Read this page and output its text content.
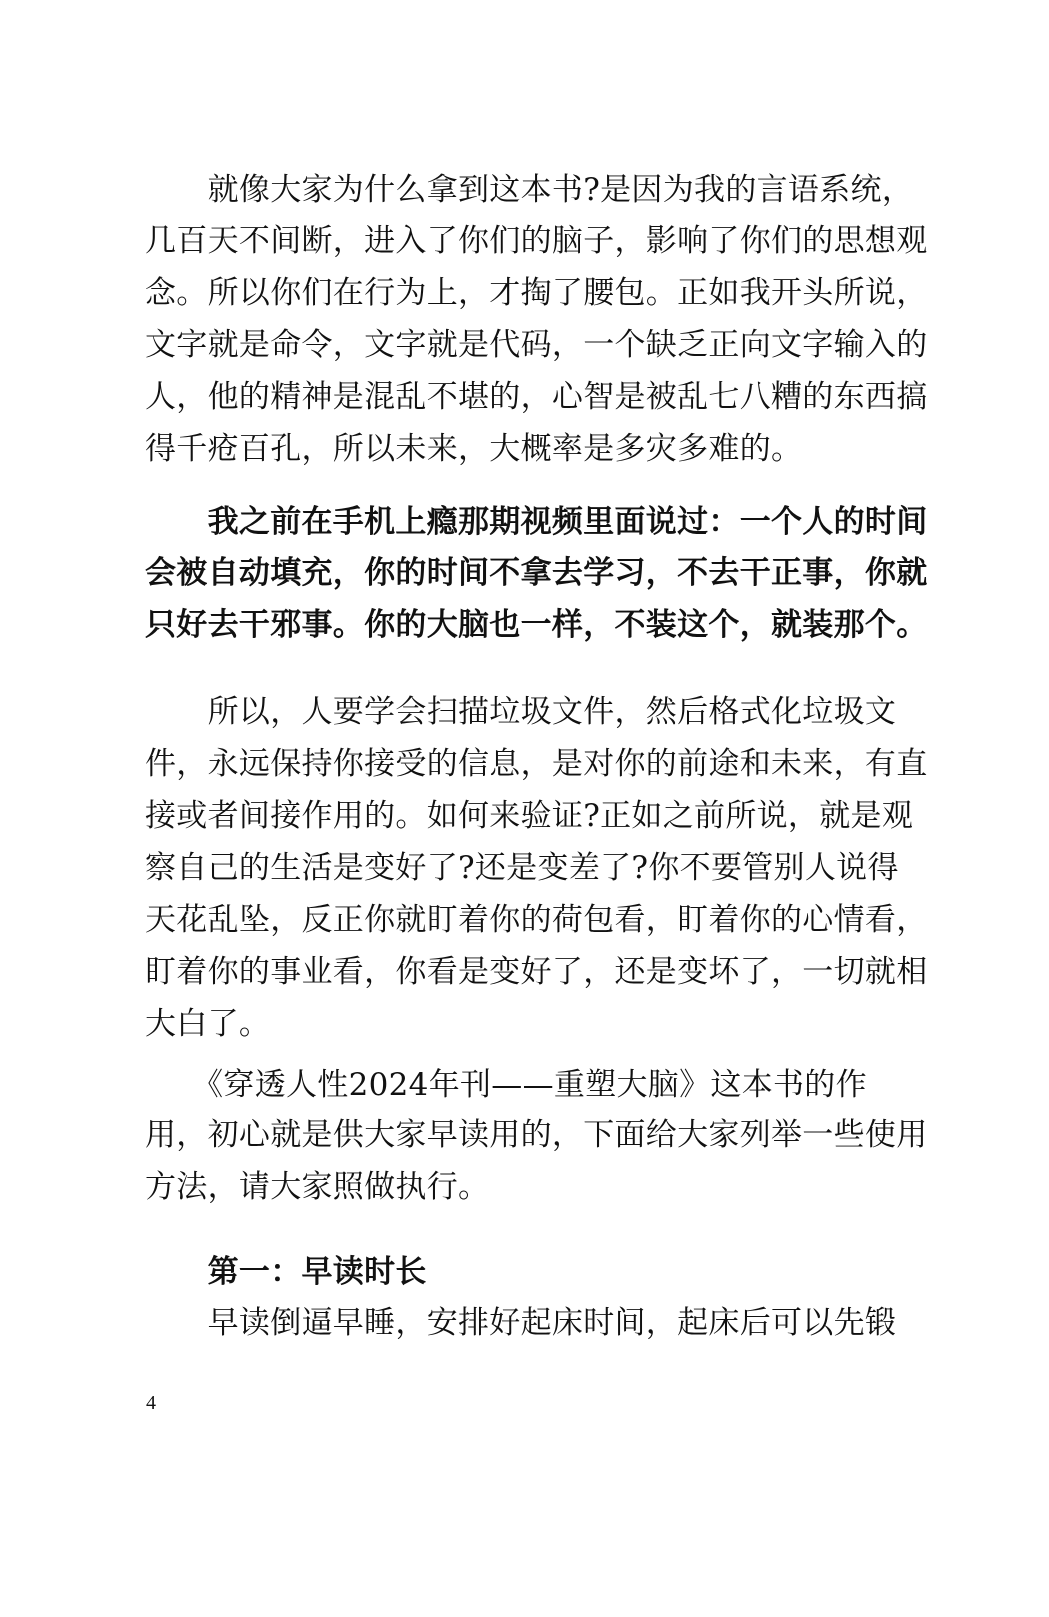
　　就像大家为什么拿到这本书?是因为我的言语系统，
几百天不间断，进入了你们的脑子，影响了你们的思想观
念。所以你们在行为上，才掏了腰包。正如我开头所说，
文字就是命令，文字就是代码，一个缺乏正向文字输入的
人，他的精神是混乱不堪的，心智是被乱七八糟的东西搞
得千疮百孔，所以未来，大概率是多灾多难的。
　　我之前在手机上瘾那期视频里面说过：一个人的时间
会被自动填充，你的时间不拿去学习，不去干正事，你就
只好去干邪事。你的大脑也一样，不装这个，就装那个。
　　所以，人要学会扫描垃圾文件，然后格式化垃圾文
件，永远保持你接受的信息，是对你的前途和未来，有直
接或者间接作用的。如何来验证?正如之前所说，就是观
察自己的生活是变好了?还是变差了?你不要管别人说得
天花乱坠，反正你就盯着你的荷包看，盯着你的心情看，
盯着你的事业看，你看是变好了，还是变坏了，一切就相
大白了。
　　《穿透人性2024年刊——重塑大脑》这本书的作
用，初心就是供大家早读用的，下面给大家列举一些使用
方法，请大家照做执行。
　　第一：早读时长
　　早读倒逼早睡，安排好起床时间，起床后可以先锻
4
